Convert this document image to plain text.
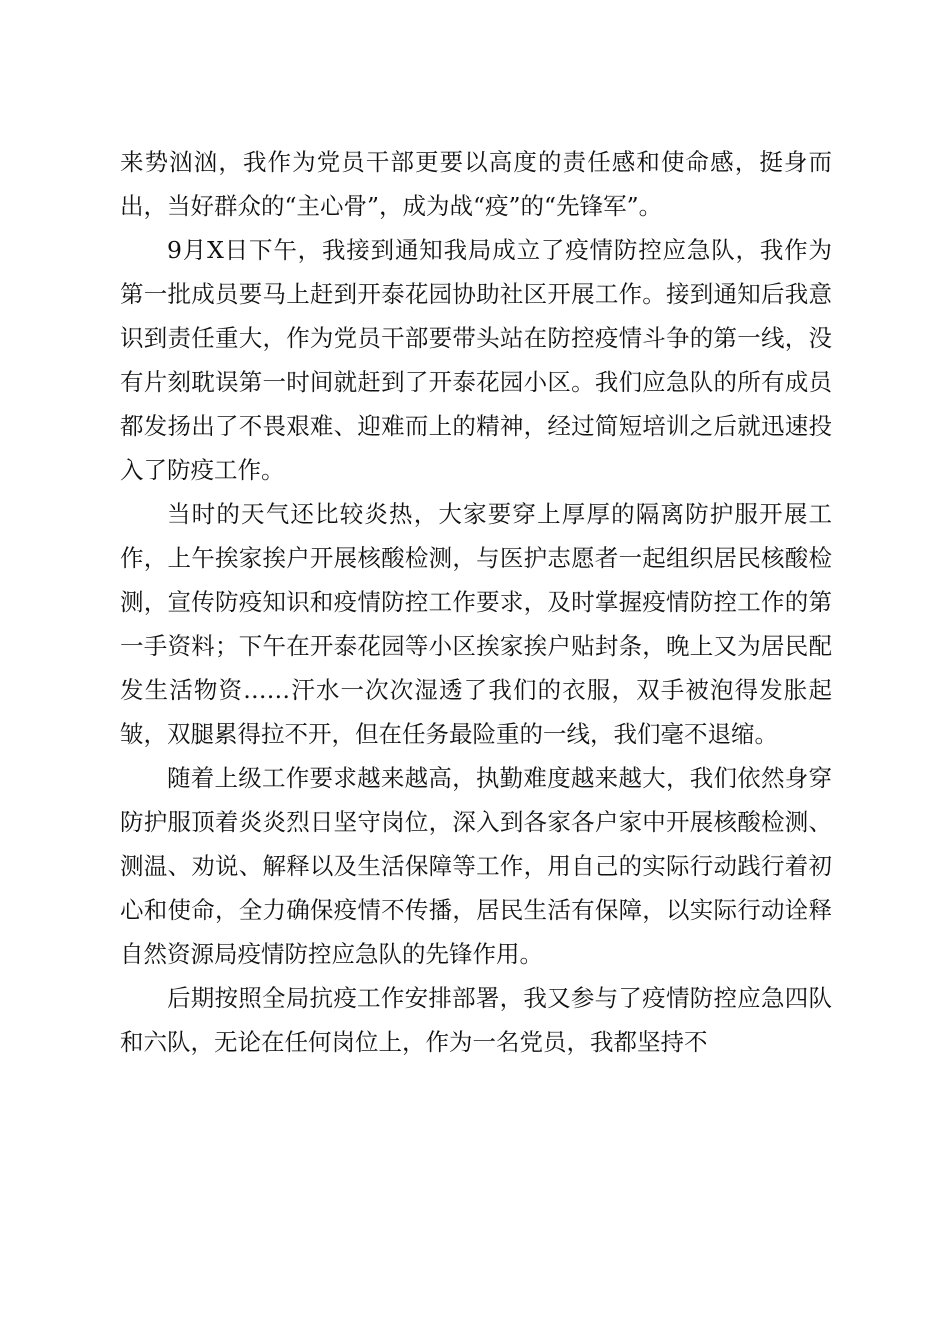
来势汹汹，我作为党员干部更要以高度的责任感和使命感，挺身而出，当好群众的“主心骨”，成为战“疫”的“先锋军”。

9月X日下午，我接到通知我局成立了疫情防控应急队，我作为第一批成员要马上赶到开泰花园协助社区开展工作。接到通知后我意识到责任重大，作为党员干部要带头站在防控疫情斗争的第一线，没有片刻耽误第一时间就赶到了开泰花园小区。我们应急队的所有成员都发扬出了不畏艰难、迎难而上的精神，经过简短培训之后就迅速投入了防疫工作。

当时的天气还比较炎热，大家要穿上厚厚的隔离防护服开展工作，上午挨家挨户开展核酸检测，与医护志愿者一起组织居民核酸检测，宣传防疫知识和疫情防控工作要求，及时掌握疫情防控工作的第一手资料；下午在开泰花园等小区挨家挨户贴封条，晚上又为居民配发生活物资……汗水一次次湿透了我们的衣服，双手被泡得发胀起皱，双腿累得拉不开，但在任务最险重的一线，我们毫不退缩。

随着上级工作要求越来越高，执勤难度越来越大，我们依然身穿防护服顶着炎炎烈日坚守岗位，深入到各家各户家中开展核酸检测、测温、劝说、解释以及生活保障等工作，用自己的实际行动践行着初心和使命，全力确保疫情不传播，居民生活有保障，以实际行动诠释自然资源局疫情防控应急队的先锋作用。

后期按照全局抗疫工作安排部署，我又参与了疫情防控应急四队和六队，无论在任何岗位上，作为一名党员，我都坚持不
